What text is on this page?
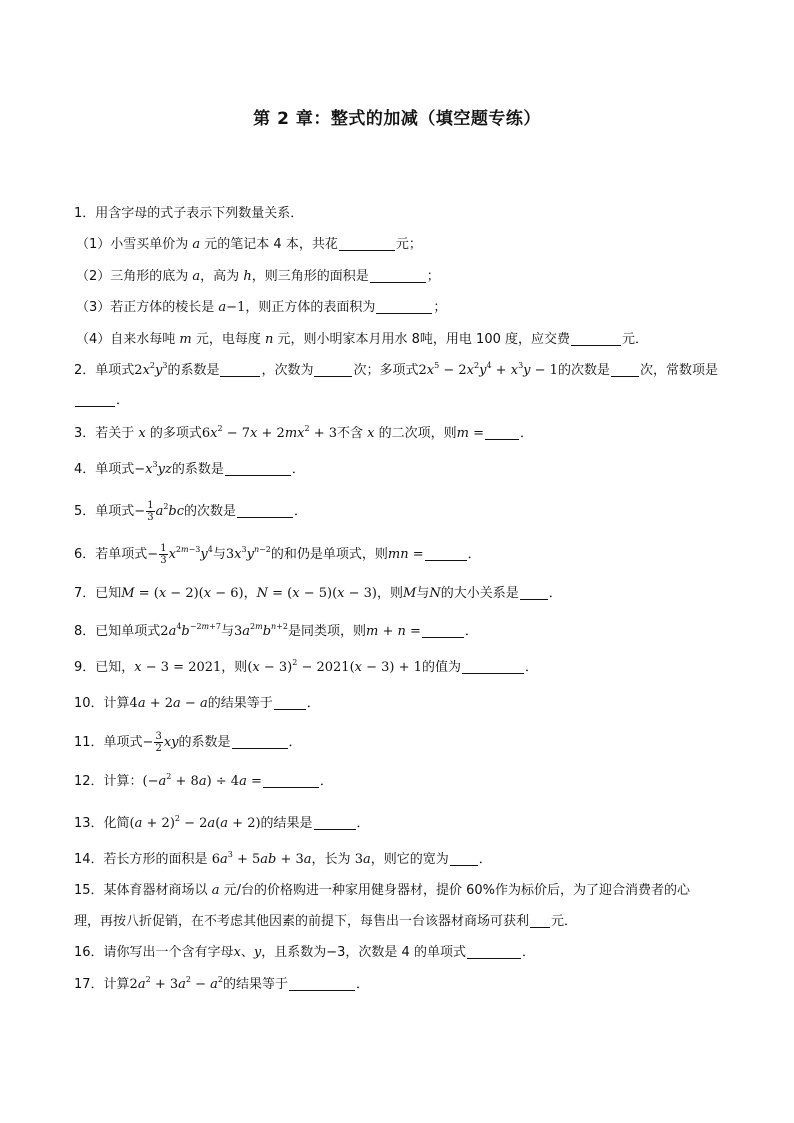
第 2 章：整式的加减（填空题专练）
1．用含字母的式子表示下列数量关系．
（1）小雪买单价为 a 元的笔记本 4 本，共花	元；
（2）三角形的底为 a，高为 h，则三角形的面积是	；
（3）若正方体的棱长是 a−1，则正方体的表面积为	；
（4）自来水每吨 m 元，电每度 n 元，则小明家本月用水 8吨，用电 100 度，应交费	元．
2．单项式$2x^2y^3$的系数是	，次数为	次；多项式$2x^5 - 2x^2y^4 + x^3y - 1$的次数是 次，常数项是
．
3．若关于 x 的多项式$6x^2 - 7x + 2mx^2 + 3$不含 x 的二次项，则m =	．
4．单项式$-x^3yz$的系数是	．
5．单项式− $\frac{1}{3} a^2bc$的次数是	．
6．若单项式− $\frac{1}{3} x^{2m-3}y^4$与$3x^3y^{n-2}$的和仍是单项式，则mn =	．
7．已知M = (x − 2)(x − 6)，N = (x − 5)(x − 3)，则M与N的大小关系是 ．
8．已知单项式$2a^4b^{-2m+7}$与$3a^{2m}b^{n+2}$是同类项，则m + n =	．
9．已知，x − 3 = 2021，则$(x - 3)^2 - 2021(x - 3) + 1$的值为	．
10．计算4a + 2a − a的结果等于	．
11．单项式− $\frac{3}{2}$ xy的系数是	．
12．计算：$(-a^2 + 8a) \div 4a$ =	．
13．化简$(a + 2)^2 - 2a(a + 2)$的结果是	．
14．若长方形的面积是 $6a^3 + 5ab + 3a$，长为 3a，则它的宽为 ．
15．某体育器材商场以 a 元/台的价格购进一种家用健身器材，提价 60%作为标价后，为了迎合消费者的心
理，再按八折促销，在不考虑其他因素的前提下，每售出一台该器材商场可获利 元．
16．请你写出一个含有字母x、y，且系数为−3，次数是 4 的单项式	．
17．计算$2a^2 + 3a^2 - a^2$的结果等于	．
